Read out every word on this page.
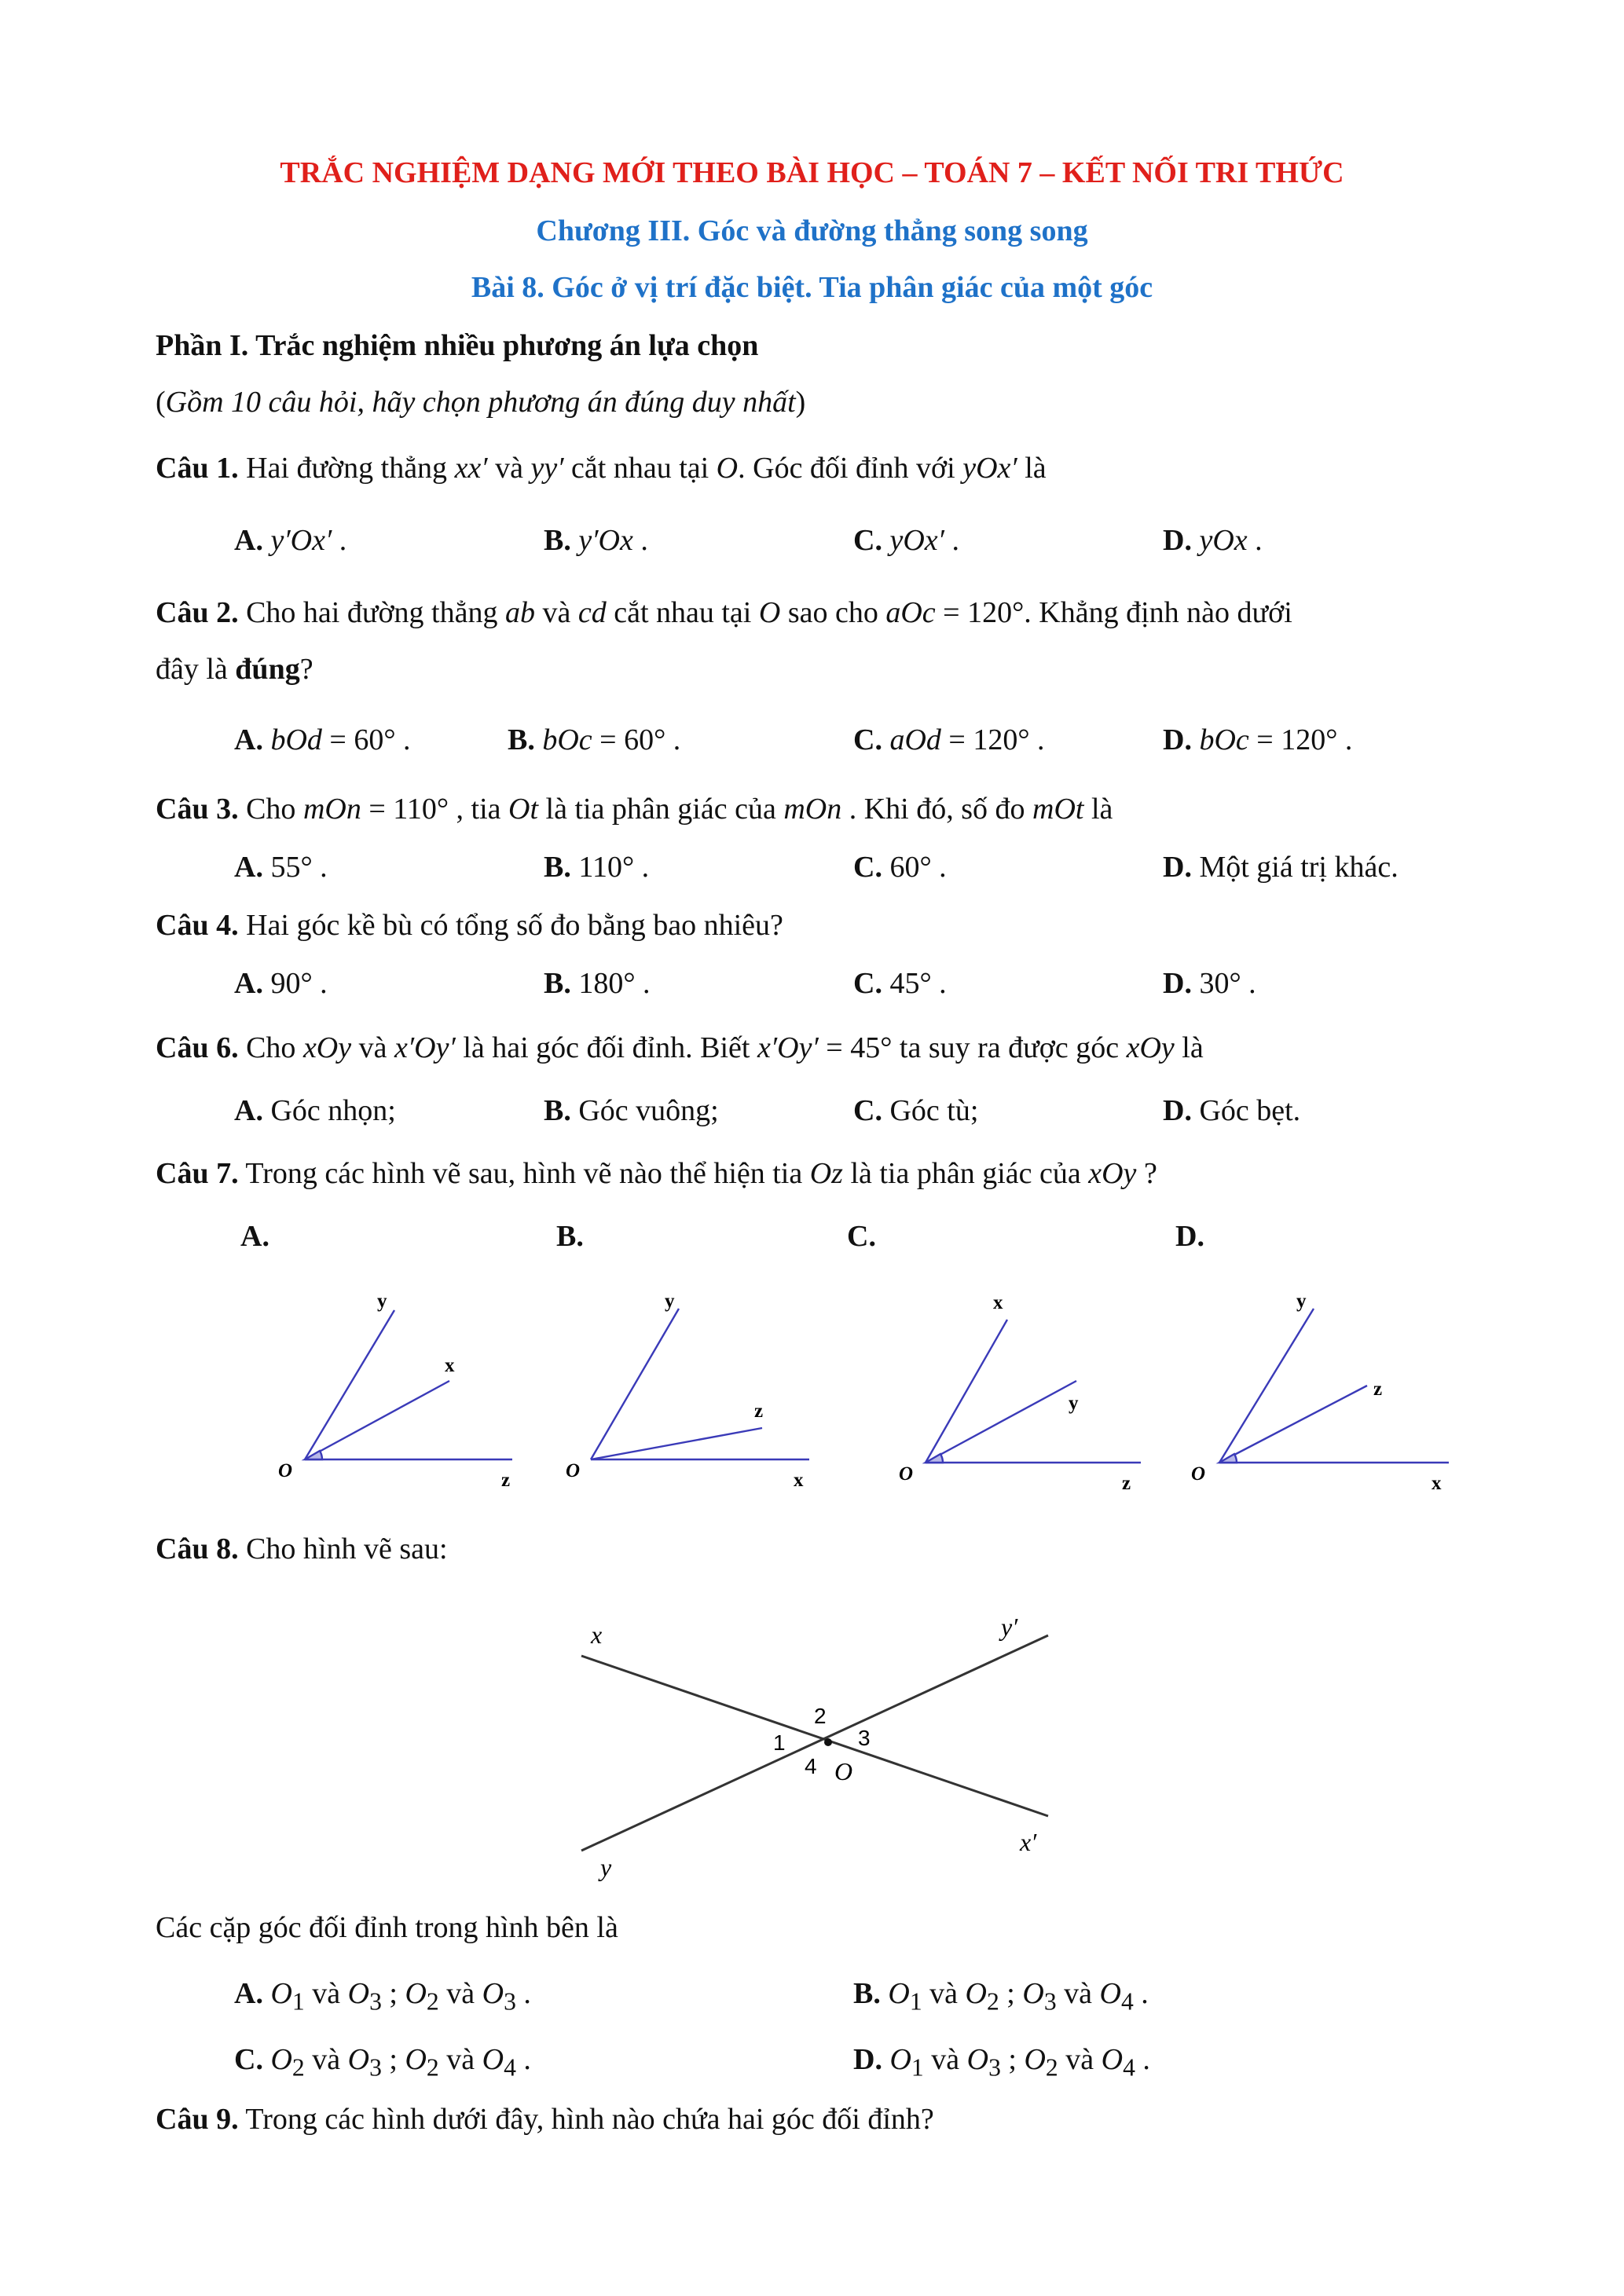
TRẮC NGHIỆM DẠNG MỚI THEO BÀI HỌC – TOÁN 7 – KẾT NỐI TRI THỨC
Chương III. Góc và đường thẳng song song
Bài 8. Góc ở vị trí đặc biệt. Tia phân giác của một góc
Phần I. Trắc nghiệm nhiều phương án lựa chọn
(Gồm 10 câu hỏi, hãy chọn phương án đúng duy nhất)
Câu 1. Hai đường thẳng xx′ và yy′ cắt nhau tại O. Góc đối đỉnh với yOx′ là
A. y′Ox′ .	B. y′Ox .	C. yOx′ .	D. yOx .
Câu 2. Cho hai đường thẳng ab và cd cắt nhau tại O sao cho aOc = 120°. Khẳng định nào dưới
đây là đúng?
A. bOd = 60° .	B. bOc = 60° .	C. aOd = 120° .	D. bOc = 120° .
Câu 3. Cho mOn = 110° , tia Ot là tia phân giác của mOn . Khi đó, số đo mOt là
A. 55° .	B. 110° .	C. 60° .	D. Một giá trị khác.
Câu 4. Hai góc kề bù có tổng số đo bằng bao nhiêu?
A. 90° .	B. 180° .	C. 45° .	D. 30° .
Câu 6. Cho xOy và x′Oy′ là hai góc đối đỉnh. Biết x′Oy′ = 45° ta suy ra được góc xOy là
A. Góc nhọn;	B. Góc vuông;	C. Góc tù;	D. Góc bẹt.
Câu 7. Trong các hình vẽ sau, hình vẽ nào thể hiện tia Oz là tia phân giác của xOy ?
A.	B.	C.	D.
O
y
x
z	O
y
z
x	O
x
y
z	O
y
z
x
Câu 8. Cho hình vẽ sau:
x	y′
y
x′
O
1
2
3
4
Các cặp góc đối đỉnh trong hình bên là
A. $O_1$ và $O_3$ ; $O_2$ và $O_3$ .	B. $O_1$ và $O_2$ ; $O_3$ và $O_4$ .
C. $O_2$ và $O_3$ ; $O_2$ và $O_4$ .	D. $O_1$ và $O_3$ ; $O_2$ và $O_4$ .
Câu 9. Trong các hình dưới đây, hình nào chứa hai góc đối đỉnh?
